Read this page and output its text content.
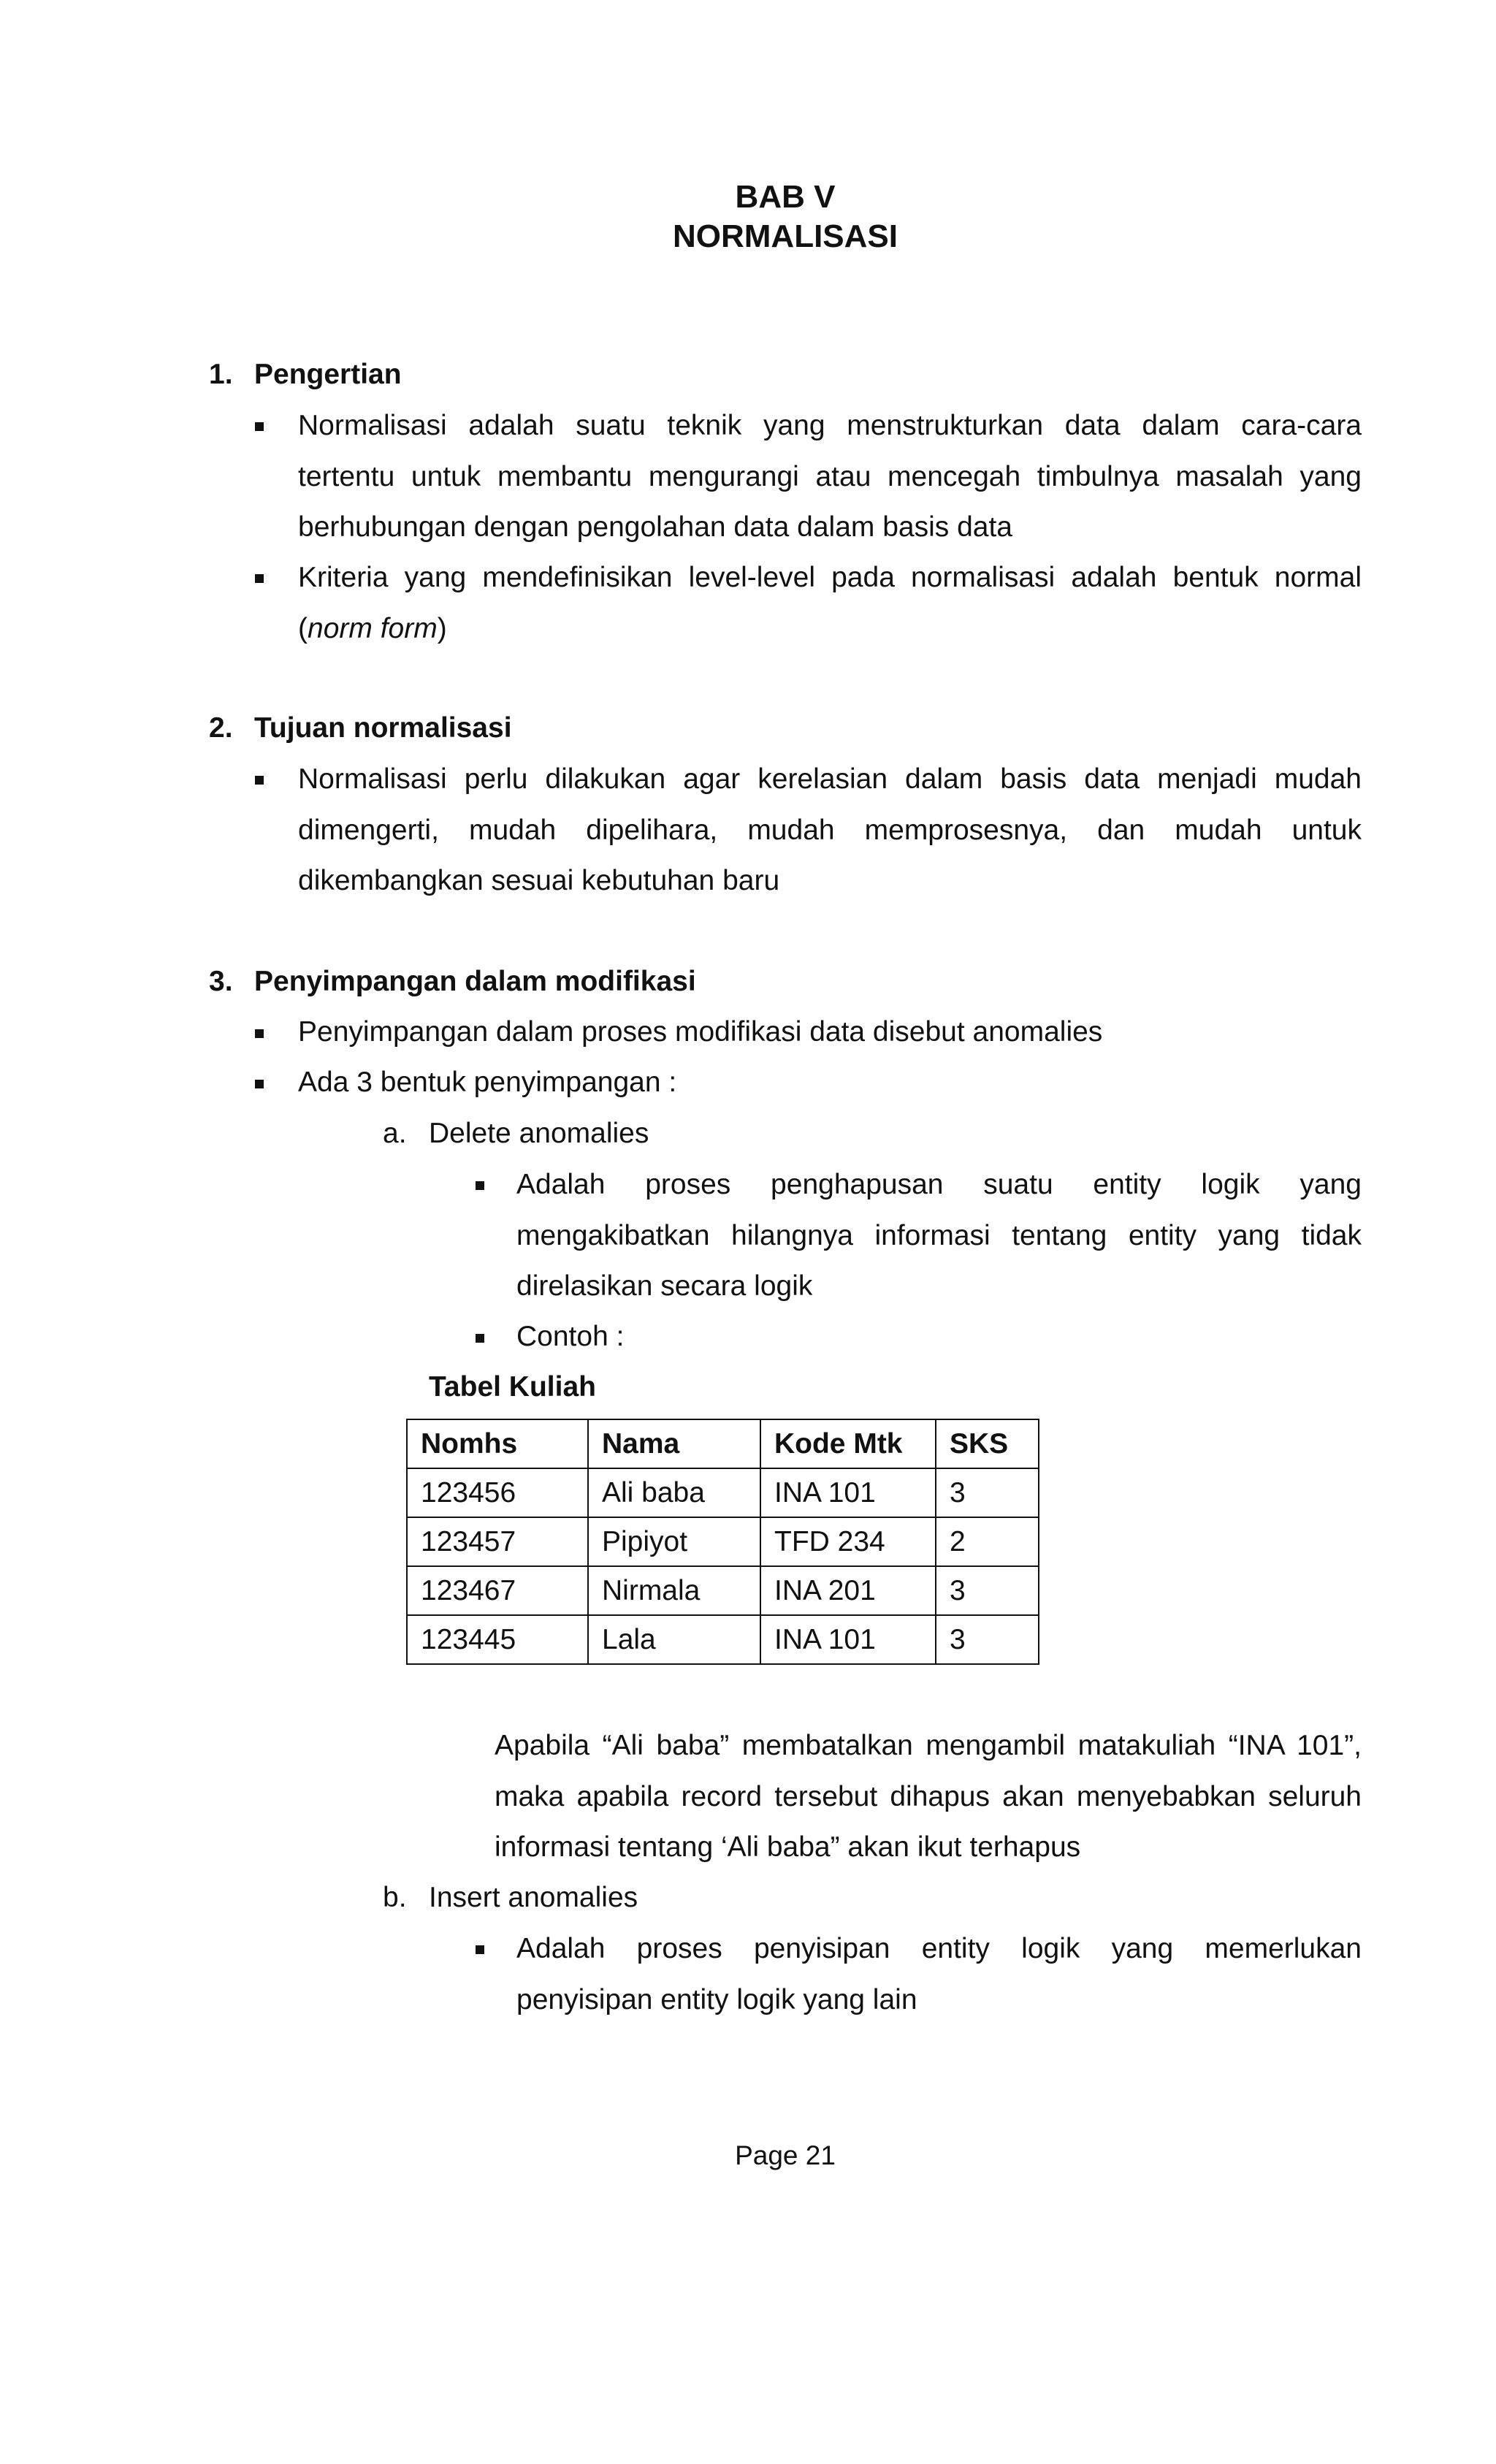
BAB V
NORMALISASI
1. Pengertian
Normalisasi adalah suatu teknik yang menstrukturkan data dalam cara-cara
tertentu untuk membantu mengurangi atau mencegah timbulnya masalah yang
berhubungan dengan pengolahan data dalam basis data
Kriteria yang mendefinisikan level-level pada normalisasi adalah bentuk normal
(norm form)
2. Tujuan normalisasi
Normalisasi perlu dilakukan agar kerelasian dalam basis data menjadi mudah
dimengerti, mudah dipelihara, mudah memprosesnya, dan mudah untuk
dikembangkan sesuai kebutuhan baru
3. Penyimpangan dalam modifikasi
Penyimpangan dalam proses modifikasi data disebut anomalies
Ada 3 bentuk penyimpangan :
a. Delete anomalies
Adalah proses penghapusan suatu entity logik yang
mengakibatkan hilangnya informasi tentang entity yang tidak
direlasikan secara logik
Contoh :
Tabel Kuliah
Nomhs	Nama	Kode Mtk	SKS
123456	Ali baba	INA 101	3
123457	Pipiyot	TFD 234	2
123467	Nirmala	INA 201	3
123445	Lala	INA 101	3
Apabila “Ali baba” membatalkan mengambil matakuliah “INA 101”,
maka apabila record tersebut dihapus akan menyebabkan seluruh
informasi tentang ‘Ali baba” akan ikut terhapus
b. Insert anomalies
Adalah proses penyisipan entity logik yang memerlukan
penyisipan entity logik yang lain
Page 21
